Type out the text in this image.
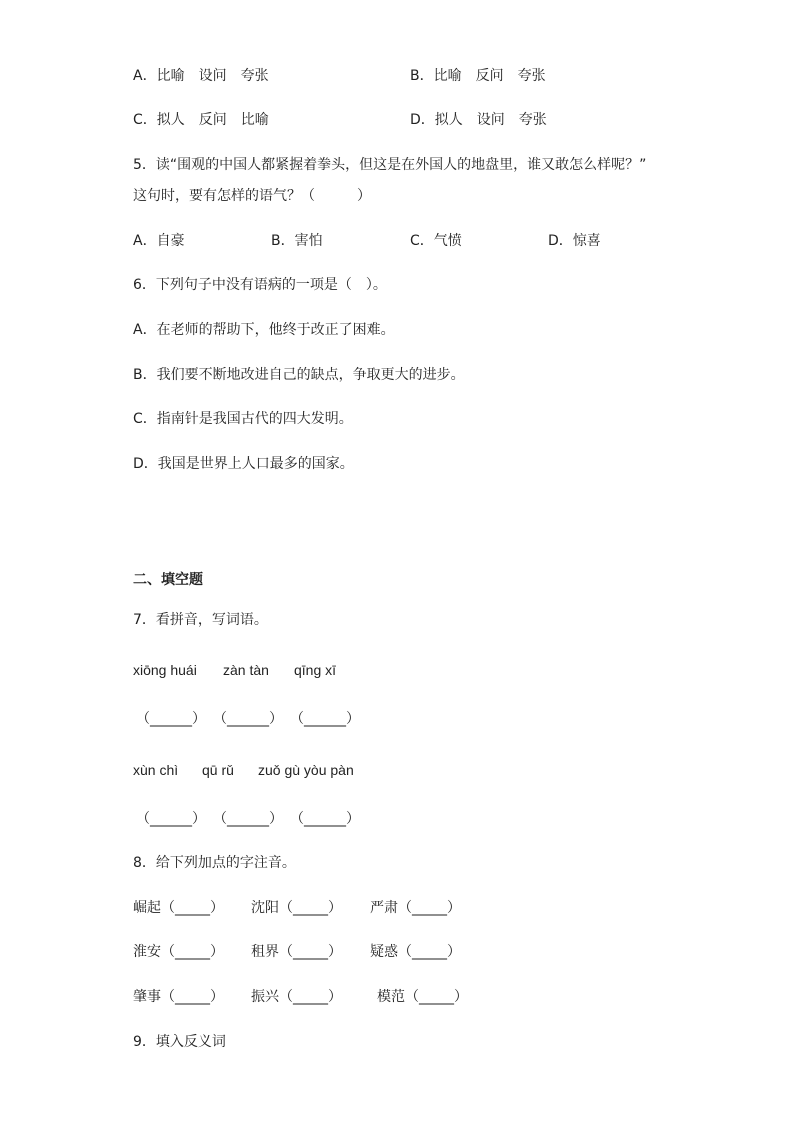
A．比喻　设问　夸张	B．比喻　反问　夸张
C．拟人　反问　比喻	D．拟人　设问　夸张
5．读“围观的中国人都紧握着拳头，但这是在外国人的地盘里，谁又敢怎么样呢？”
这句时，要有怎样的语气？（　　　）
A．自豪	B．害怕	C．气愤	D．惊喜
6．下列句子中没有语病的一项是（　）。
A．在老师的帮助下，他终于改正了困难。
B．我们要不断地改进自己的缺点，争取更大的进步。
C．指南针是我国古代的四大发明。
D．我国是世界上人口最多的国家。
二、填空题
7．看拼音，写词语。
xiōng huái zàn tàn qīng xī
（______） （______） （______）
xùn chì qū rǔ zuǒ gù yòu pàn
（______） （______） （______）
8．给下列加点的字注音。
崛起（_____） 沈阳（_____） 严肃（_____）
淮安（_____） 租界（_____） 疑惑（_____）
肇事（_____） 振兴（_____）	模范（_____）
9．填入反义词
